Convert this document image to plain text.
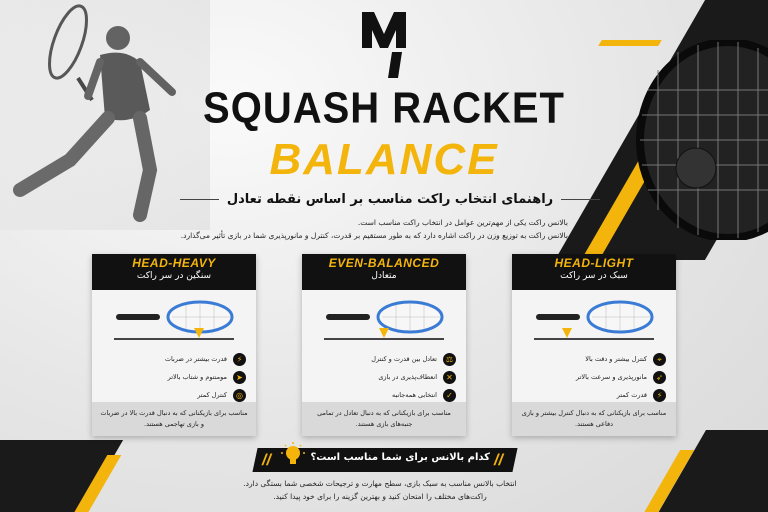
SQUASH RACKET
BALANCE
راهنمای انتخاب راکت مناسب بر اساس نقطه تعادل
بالانس راکت یکی از مهم‌ترین عوامل در انتخاب راکت مناسب است.
بالانس راکت به توزیع وزن در راکت اشاره دارد که به طور مستقیم بر قدرت، کنترل و مانورپذیری شما در بازی تأثیر می‌گذارد.
HEAD-HEAVY
سنگین در سر راکت
قدرت بیشتر در ضربات	⚡
مومنتوم و شتاب بالاتر	➤
کنترل کمتر	◎
مناسب برای بازیکنانی که به دنبال قدرت بالا در ضربات و بازی تهاجمی هستند.
EVEN-BALANCED
متعادل
تعادل بین قدرت و کنترل	⚖
انعطاف‌پذیری در بازی	✕
انتخابی همه‌جانبه	✓
مناسب برای بازیکنانی که به دنبال تعادل در تمامی جنبه‌های بازی هستند.
HEAD-LIGHT
سبک در سر راکت
کنترل بیشتر و دقت بالا	⌖
مانورپذیری و سرعت بالاتر	➶
قدرت کمتر	⚡
مناسب برای بازیکنانی که به دنبال کنترل بیشتر و بازی دفاعی هستند.
//	//
کدام بالانس برای شما مناسب است؟
انتخاب بالانس مناسب به سبک بازی، سطح مهارت و ترجیحات شخصی شما بستگی دارد.
راکت‌های مختلف را امتحان کنید و بهترین گزینه را برای خود پیدا کنید.
